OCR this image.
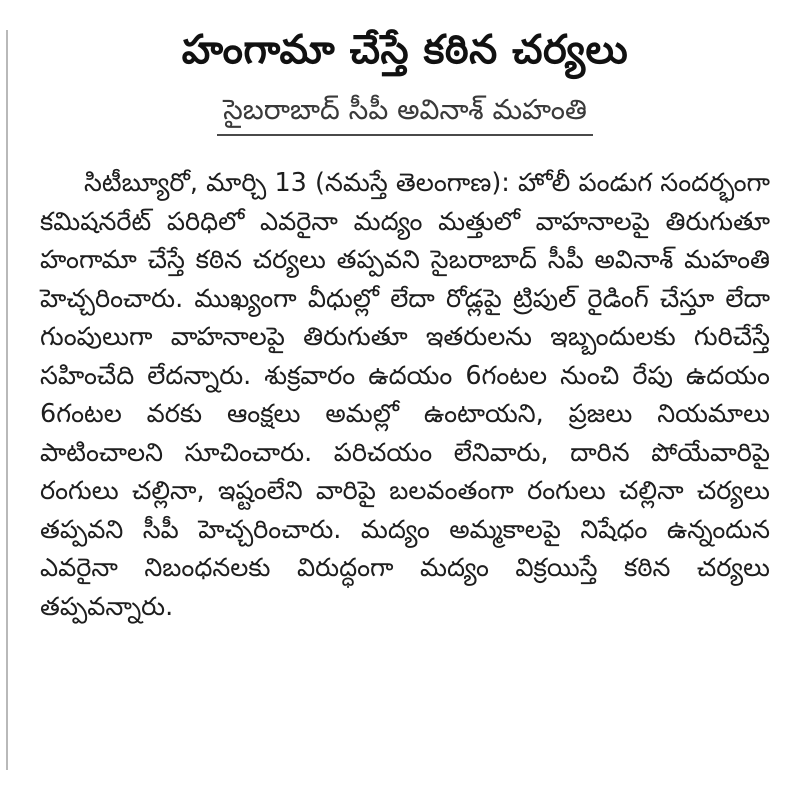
హంగామా చేస్తే కఠిన చర్యలు
సైబరాబాద్ సీపీ అవినాశ్ మహంతి

సిటీబ్యూరో, మార్చి 13 (నమస్తే తెలంగాణ): హోలీ పండుగ సందర్భంగా కమిషనరేట్ పరిధిలో ఎవరైనా మద్యం మత్తులో వాహనాలపై తిరుగుతూ హంగామా చేస్తే కఠిన చర్యలు తప్పవని సైబరాబాద్ సీపీ అవినాశ్ మహంతి హెచ్చరించారు. ముఖ్యంగా వీధుల్లో లేదా రోడ్లపై ట్రిపుల్ రైడింగ్ చేస్తూ లేదా గుంపులుగా వాహనాలపై తిరుగుతూ ఇతరులను ఇబ్బందులకు గురిచేస్తే సహించేది లేదన్నారు. శుక్రవారం ఉదయం 6గంటల నుంచి రేపు ఉదయం 6గంటల వరకు ఆంక్షలు అమల్లో ఉంటాయని, ప్రజలు నియమాలు పాటించాలని సూచించారు. పరిచయం లేనివారు, దారిన పోయేవారిపై రంగులు చల్లినా, ఇష్టంలేని వారిపై బలవంతంగా రంగులు చల్లినా చర్యలు తప్పవని సీపీ హెచ్చరించారు. మద్యం అమ్మకాలపై నిషేధం ఉన్నందున ఎవరైనా నిబంధనలకు విరుద్ధంగా మద్యం విక్రయిస్తే కఠిన చర్యలు తప్పవన్నారు.
